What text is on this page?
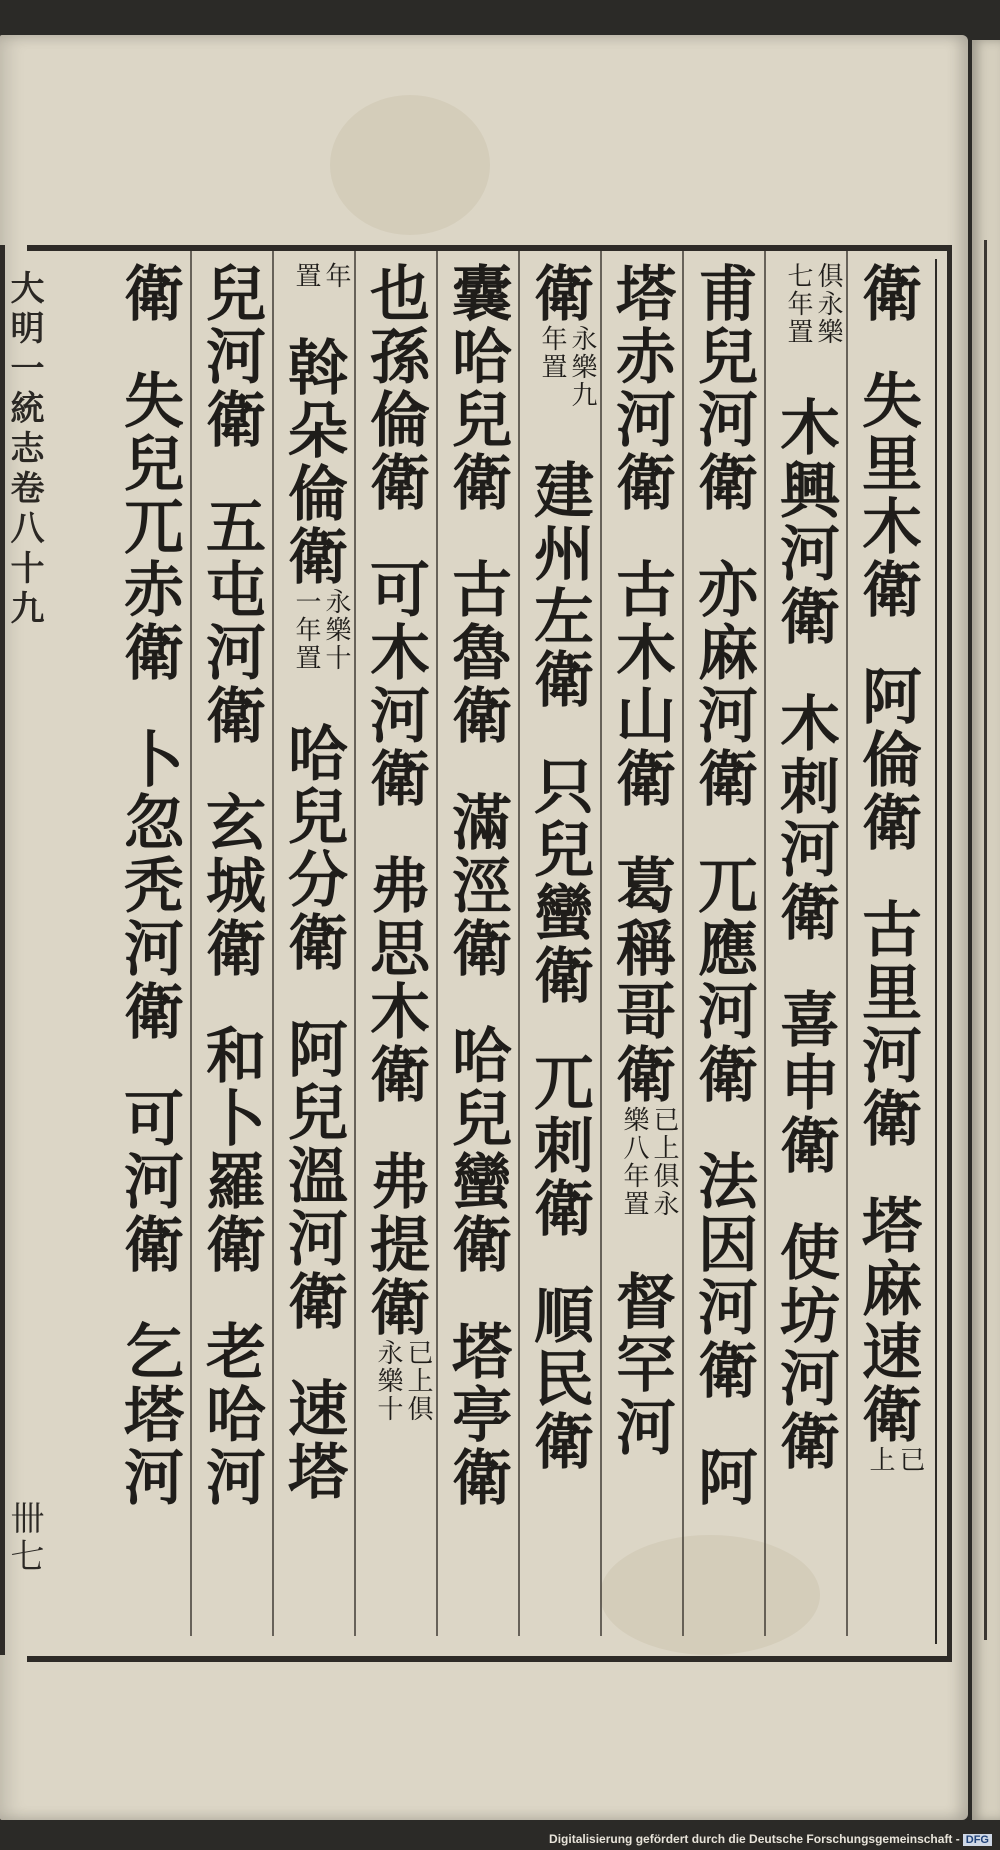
大明一統志卷八十九
卌七
衛失里木衛阿倫衛古里河衛塔麻速衛已上
俱永樂七年置木興河衛木刺河衛喜申衛使坊河衛
甫兒河衛亦麻河衛兀應河衛法因河衛阿
塔赤河衛古木山衛葛稱哥衛已上俱永樂八年置督罕河
衛永樂九年置建州左衛只兒蠻衛兀刺衛順民衛
囊哈兒衛古魯衛滿涇衛哈兒蠻衛塔亭衛
也孫倫衛可木河衛弗思木衛弗提衛已上俱永樂十
年置斡朵倫衛永樂十一年置哈兒分衛阿兒溫河衛速塔
兒河衛五屯河衛玄城衛和卜羅衛老哈河
衛失兒兀赤衛卜忽秃河衛可河衛乞塔河
Digitalisierung gefördert durch die Deutsche Forschungsgemeinschaft - DFG
